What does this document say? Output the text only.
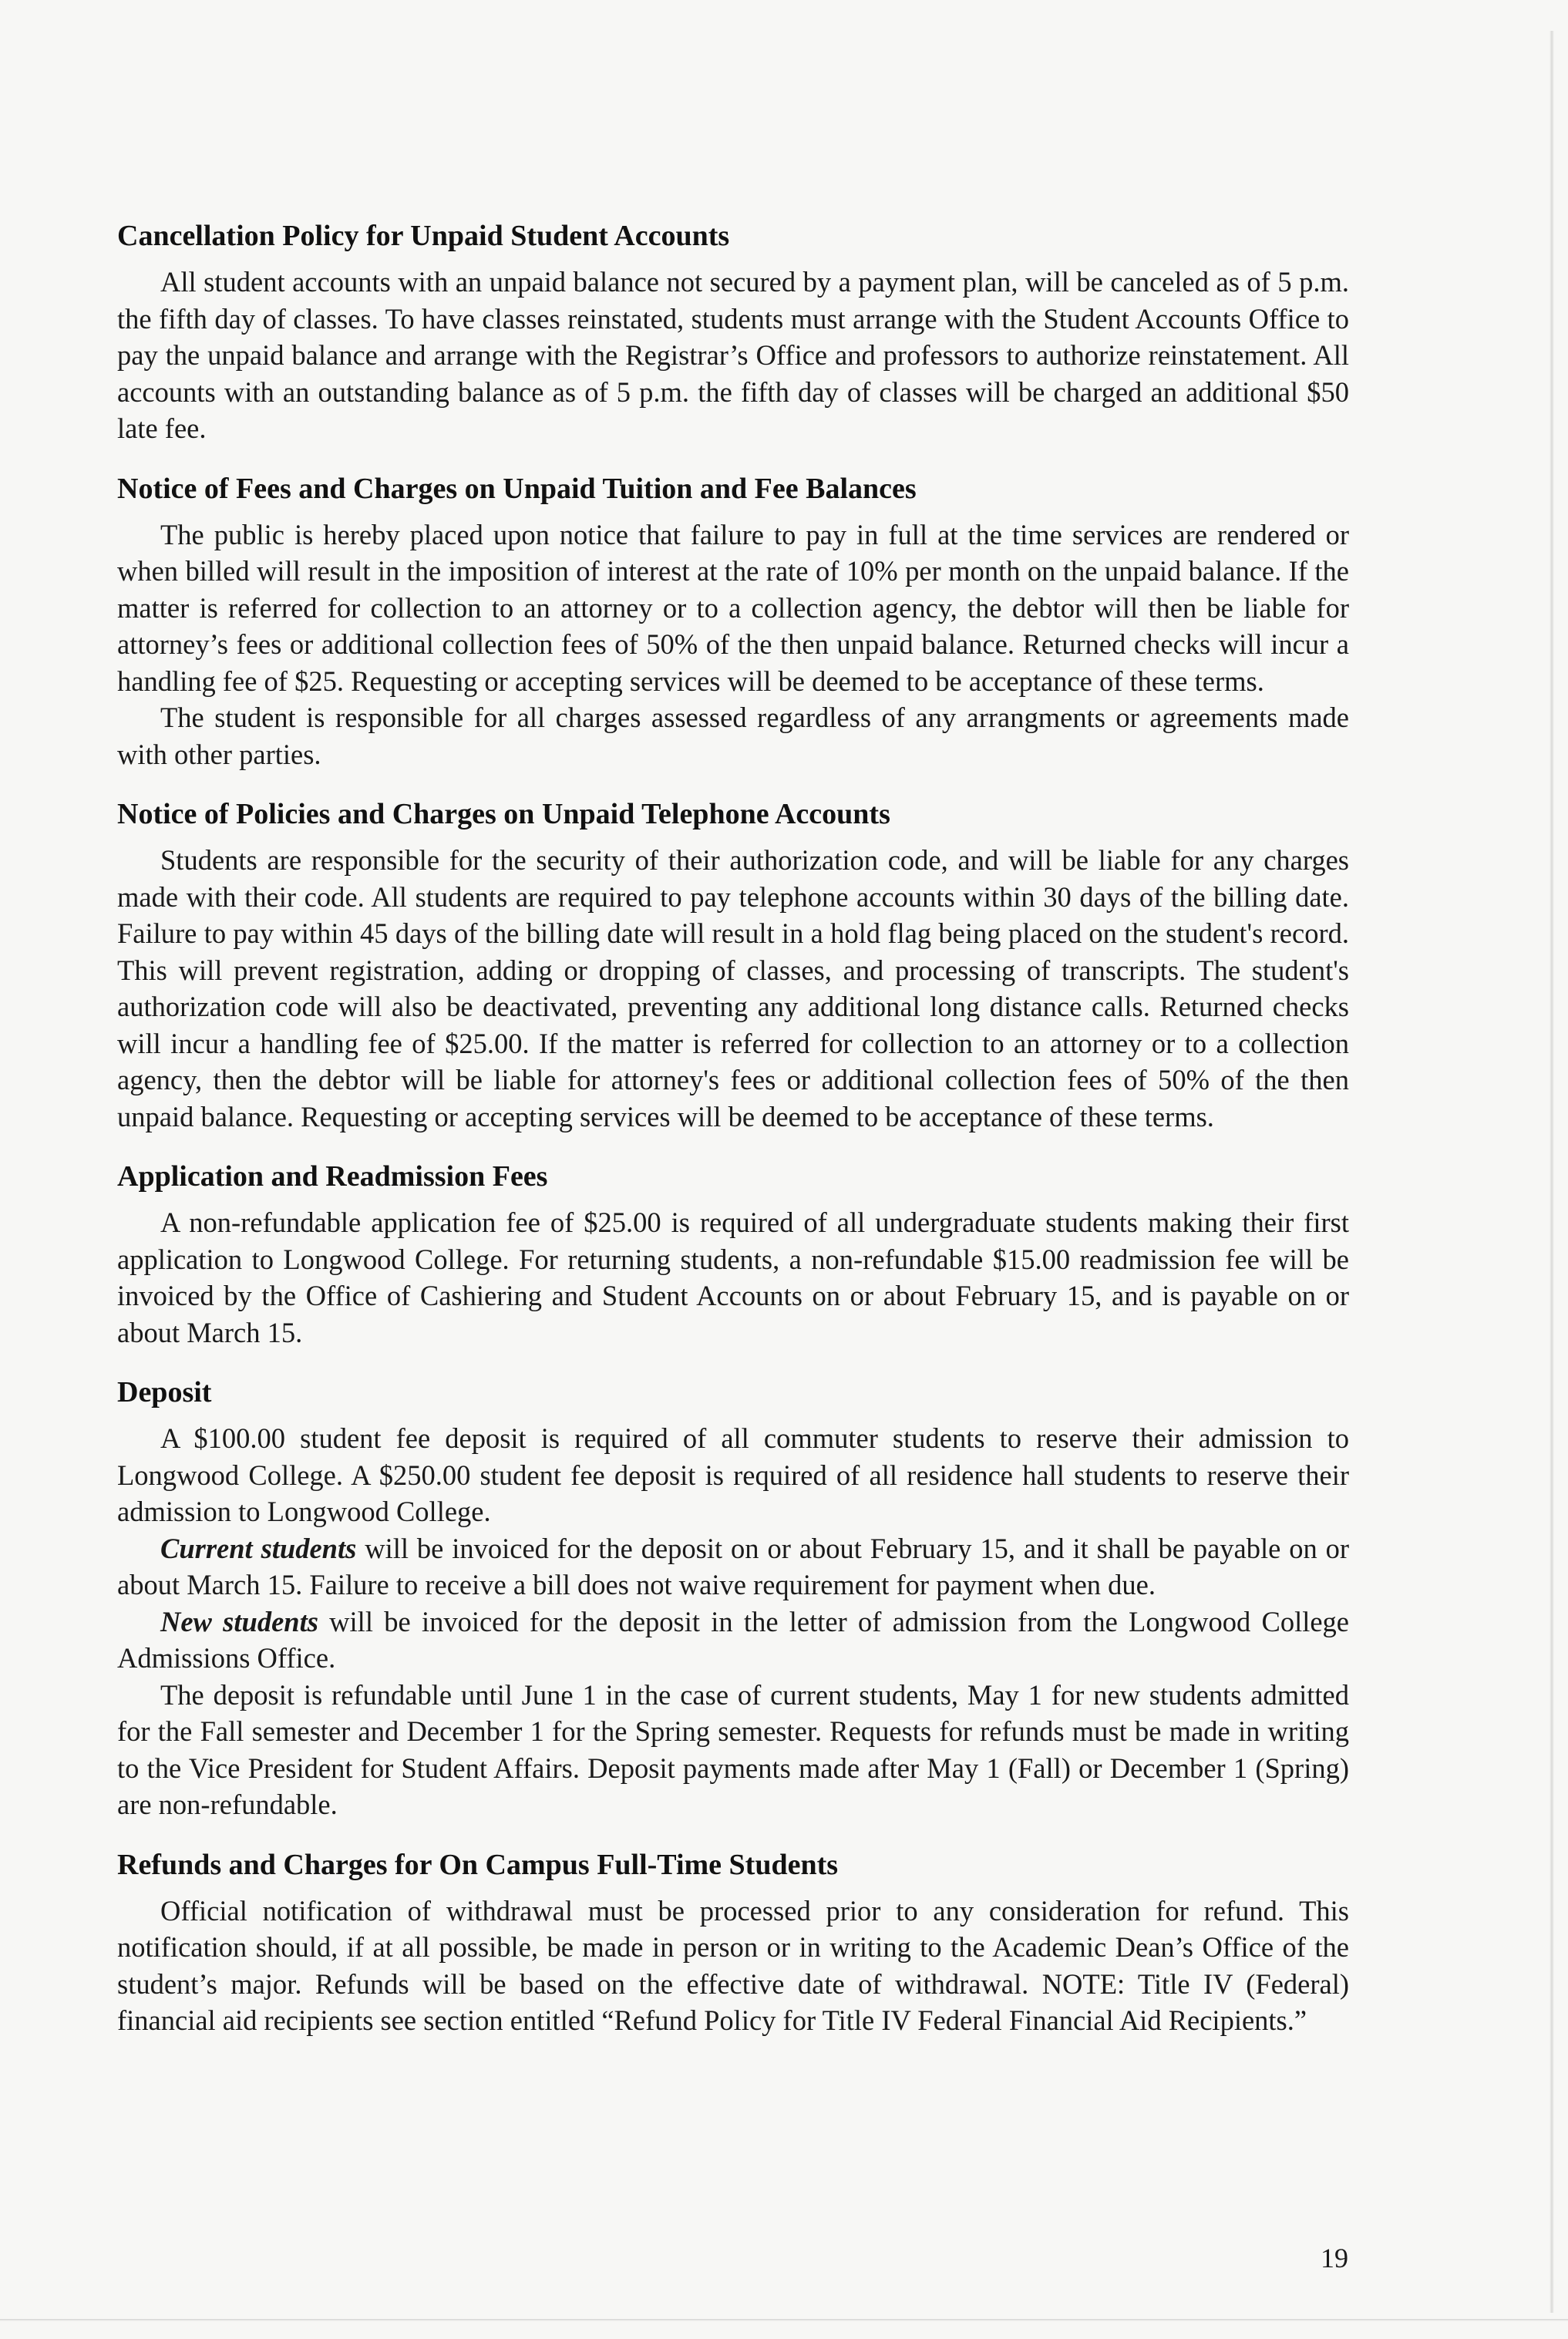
Cancellation Policy for Unpaid Student Accounts

All student accounts with an unpaid balance not secured by a payment plan, will be canceled as of 5 p.m. the fifth day of classes. To have classes reinstated, students must arrange with the Student Accounts Office to pay the unpaid balance and arrange with the Registrar’s Office and professors to authorize reinstatement. All accounts with an outstanding balance as of 5 p.m. the fifth day of classes will be charged an additional $50 late fee.

Notice of Fees and Charges on Unpaid Tuition and Fee Balances

The public is hereby placed upon notice that failure to pay in full at the time services are rendered or when billed will result in the imposition of interest at the rate of 10% per month on the unpaid balance. If the matter is referred for collection to an attorney or to a collection agency, the debtor will then be liable for attorney’s fees or additional collection fees of 50% of the then unpaid balance. Returned checks will incur a handling fee of $25. Requesting or accepting services will be deemed to be acceptance of these terms.

The student is responsible for all charges assessed regardless of any arrangments or agreements made with other parties.

Notice of Policies and Charges on Unpaid Telephone Accounts

Students are responsible for the security of their authorization code, and will be liable for any charges made with their code. All students are required to pay telephone accounts within 30 days of the billing date. Failure to pay within 45 days of the billing date will result in a hold flag being placed on the student's record. This will prevent registration, adding or dropping of classes, and processing of transcripts. The student's authorization code will also be deactivated, preventing any additional long distance calls. Returned checks will incur a handling fee of $25.00. If the matter is referred for collection to an attorney or to a collection agency, then the debtor will be liable for attorney's fees or additional collection fees of 50% of the then unpaid balance. Requesting or accepting services will be deemed to be acceptance of these terms.

Application and Readmission Fees

A non-refundable application fee of $25.00 is required of all undergraduate students making their first application to Longwood College. For returning students, a non-refundable $15.00 readmission fee will be invoiced by the Office of Cashiering and Student Accounts on or about February 15, and is payable on or about March 15.

Deposit

A $100.00 student fee deposit is required of all commuter students to reserve their admission to Longwood College. A $250.00 student fee deposit is required of all residence hall students to reserve their admission to Longwood College.

Current students will be invoiced for the deposit on or about February 15, and it shall be payable on or about March 15. Failure to receive a bill does not waive requirement for payment when due.

New students will be invoiced for the deposit in the letter of admission from the Longwood College Admissions Office.

The deposit is refundable until June 1 in the case of current students, May 1 for new students admitted for the Fall semester and December 1 for the Spring semester. Requests for refunds must be made in writing to the Vice President for Student Affairs. Deposit payments made after May 1 (Fall) or December 1 (Spring) are non-refundable.

Refunds and Charges for On Campus Full-Time Students

Official notification of withdrawal must be processed prior to any consideration for refund. This notification should, if at all possible, be made in person or in writing to the Academic Dean’s Office of the student’s major. Refunds will be based on the effective date of withdrawal. NOTE: Title IV (Federal) financial aid recipients see section entitled “Refund Policy for Title IV Federal Financial Aid Recipients.”

19
